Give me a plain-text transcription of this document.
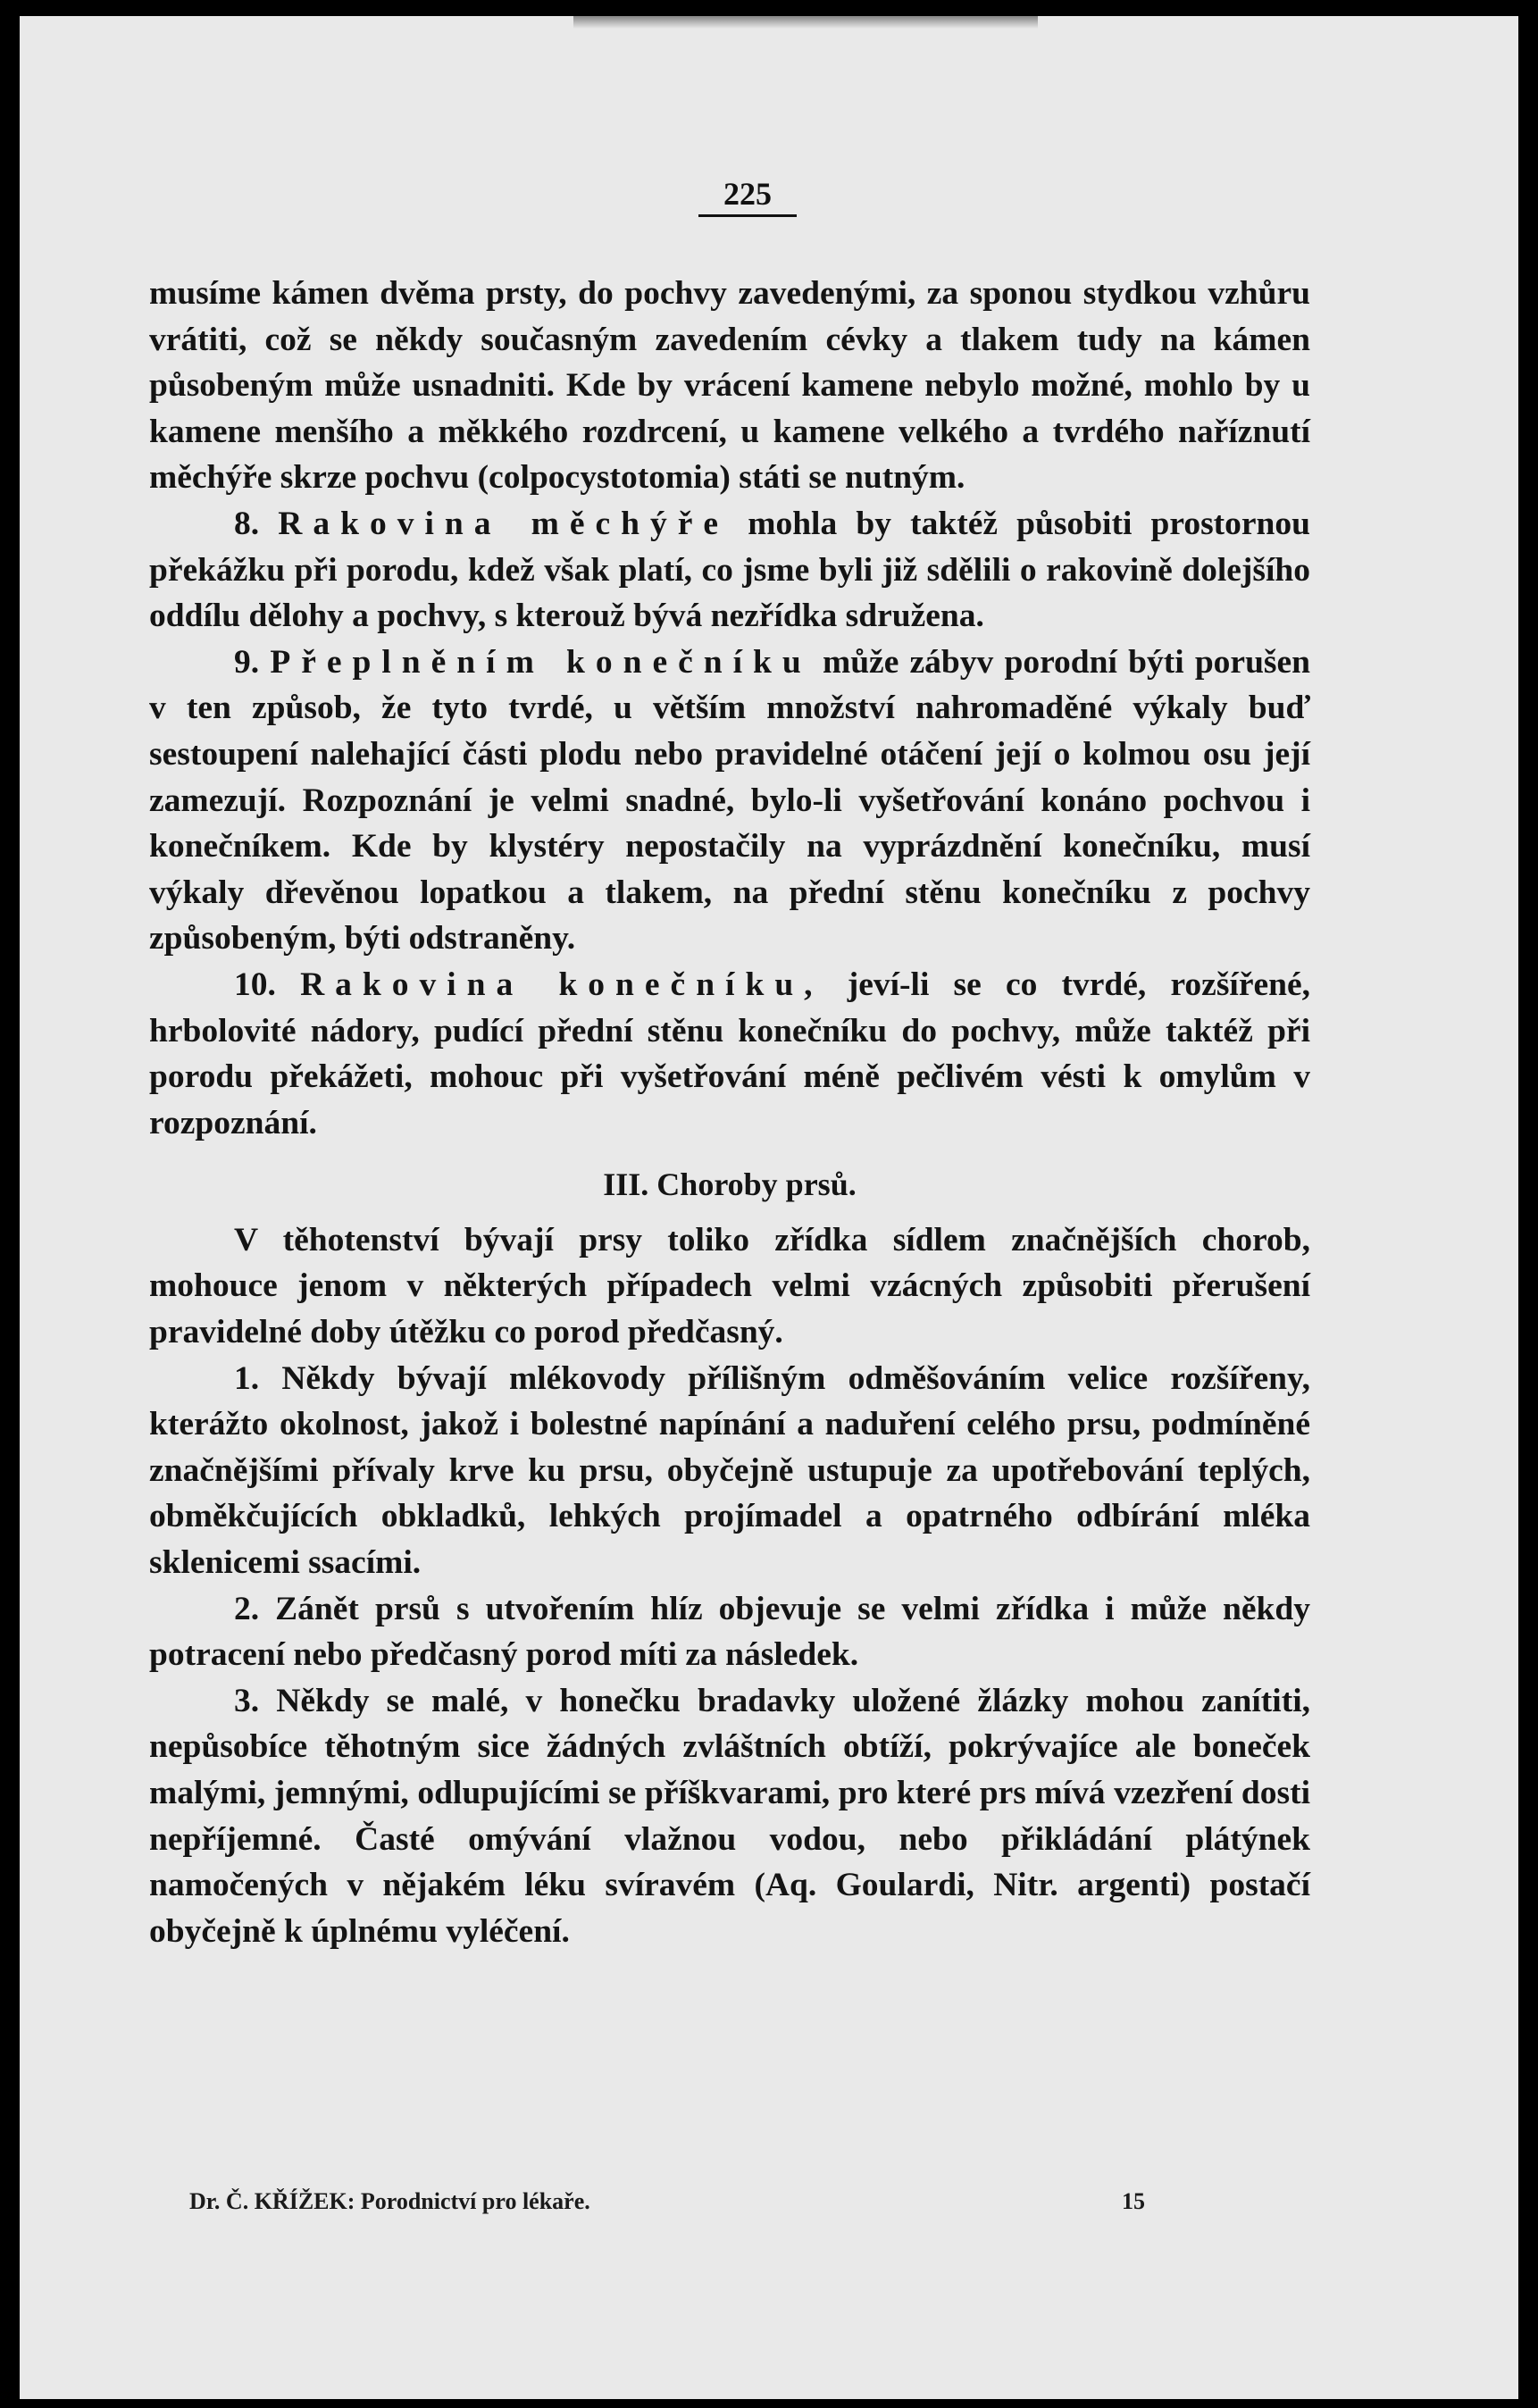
225

musíme kámen dvěma prsty, do pochvy zavedenými, za sponou stydkou vzhůru vrátiti, což se někdy současným zavedením cévky a tlakem tudy na kámen působeným může usnadniti. Kde by vrácení kamene nebylo možné, mohlo by u kamene menšího a měkkého rozdrcení, u kamene velkého a tvrdého naříznutí měchýře skrze pochvu (colpocystotomia) státi se nutným.

8. Rakovina měchýře mohla by taktéž působiti prostornou překážku při porodu, kdež však platí, co jsme byli již sdělili o rakovině dolejšího oddílu dělohy a pochvy, s kterouž bývá nezřídka sdružena.

9. Přeplněním konečníku může zábyv porodní býti porušen v ten způsob, že tyto tvrdé, u větším množství nahromaděné výkaly buď sestoupení nalehající části plodu nebo pravidelné otáčení její o kolmou osu její zamezují. Rozpoznání je velmi snadné, bylo-li vyšetřování konáno pochvou i konečníkem. Kde by klystéry nepostačily na vyprázdnění konečníku, musí výkaly dřevěnou lopatkou a tlakem, na přední stěnu konečníku z pochvy způsobeným, býti odstraněny.

10. Rakovina konečníku, jeví-li se co tvrdé, rozšířené, hrbolovité nádory, pudící přední stěnu konečníku do pochvy, může taktéž při porodu překážeti, mohouc při vyšetřování méně pečlivém vésti k omylům v rozpoznání.

III. Choroby prsů.

V těhotenství bývají prsy toliko zřídka sídlem značnějších chorob, mohouce jenom v některých případech velmi vzácných způsobiti přerušení pravidelné doby útěžku co porod předčasný.

1. Někdy bývají mlékovody přílišným odměšováním velice rozšířeny, kterážto okolnost, jakož i bolestné napínání a naduření celého prsu, podmíněné značnějšími přívaly krve ku prsu, obyčejně ustupuje za upotřebování teplých, obměkčujících obkladků, lehkých projímadel a opatrného odbírání mléka sklenicemi ssacími.

2. Zánět prsů s utvořením hlíz objevuje se velmi zřídka i může někdy potracení nebo předčasný porod míti za následek.

3. Někdy se malé, v honečku bradavky uložené žlázky mohou zanítiti, nepůsobíce těhotným sice žádných zvláštních obtíží, pokrývajíce ale boneček malými, jemnými, odlupujícími se příškvarami, pro které prs mívá vzezření dosti nepříjemné. Časté omývání vlažnou vodou, nebo přikládání plátýnek namočených v nějakém léku svíravém (Aq. Goulardi, Nitr. argenti) postačí obyčejně k úplnému vyléčení.

Dr. Č. KŘÍŽEK: Porodnictví pro lékaře.	15
